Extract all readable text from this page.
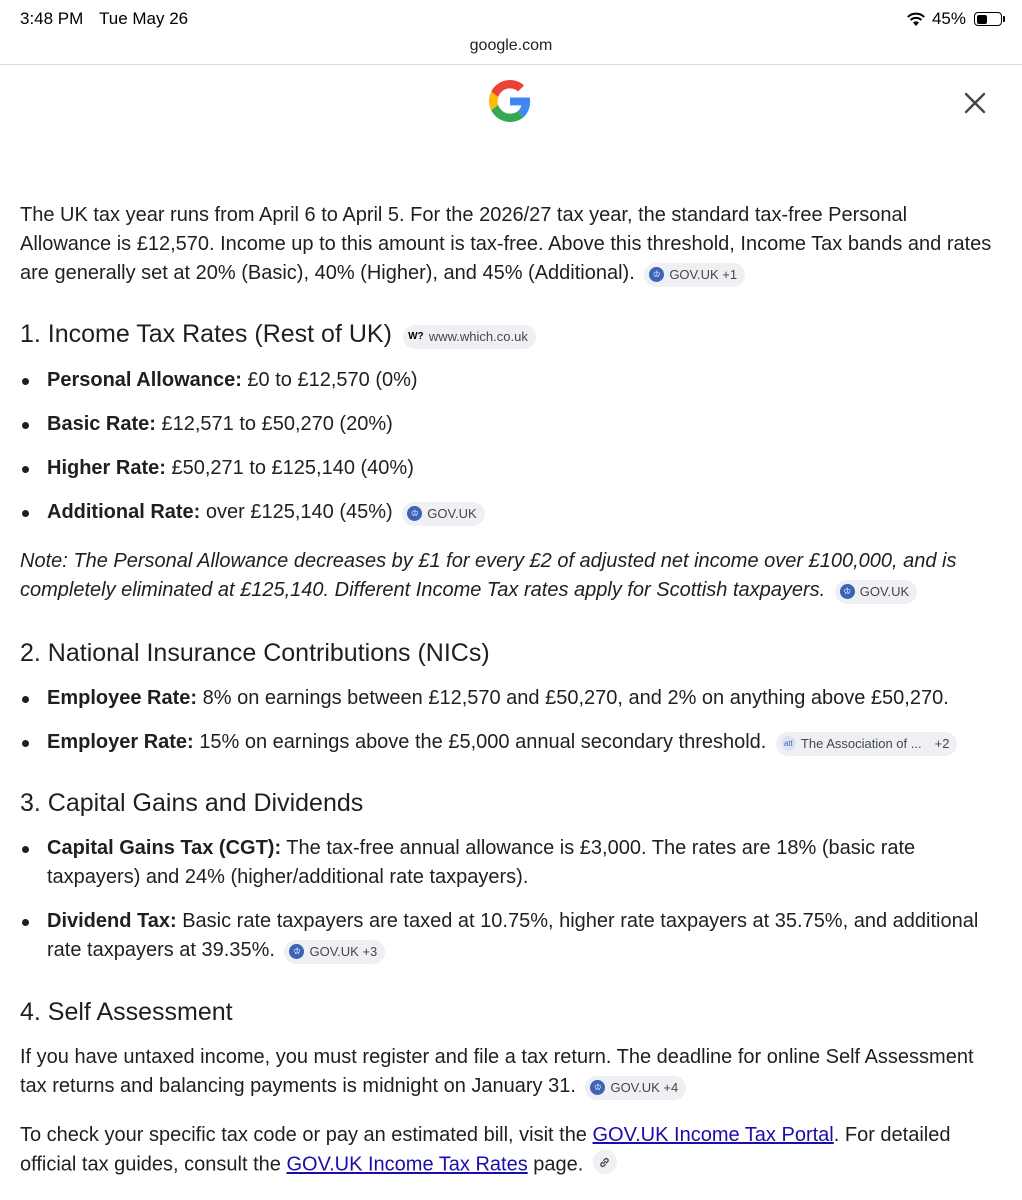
3:48 PM Tue May 26	45%
google.com

The UK tax year runs from April 6 to April 5. For the 2026/27 tax year, the standard tax-free Personal Allowance is £12,570. Income up to this amount is tax-free. Above this threshold, Income Tax bands and rates are generally set at 20% (Basic), 40% (Higher), and 45% (Additional).	♔ GOV.UK +1

1. Income Tax Rates (Rest of UK) W? www.which.co.uk
Personal Allowance: £0 to £12,570 (0%)
Basic Rate: £12,571 to £50,270 (20%)
Higher Rate: £50,271 to £125,140 (40%)
Additional Rate: over £125,140 (45%)	♔ GOV.UK

Note: The Personal Allowance decreases by £1 for every £2 of adjusted net income over £100,000, and is completely eliminated at £125,140. Different Income Tax rates apply for Scottish taxpayers.	♔ GOV.UK

2. National Insurance Contributions (NICs)
Employee Rate: 8% on earnings between £12,570 and £50,270, and 2% on anything above £50,270.
Employer Rate: 15% on earnings above the £5,000 annual secondary threshold.	att The Association of ... +2
3. Capital Gains and Dividends
Capital Gains Tax (CGT): The tax-free annual allowance is £3,000. The rates are 18% (basic rate taxpayers) and 24% (higher/additional rate taxpayers).
Dividend Tax: Basic rate taxpayers are taxed at 10.75%, higher rate taxpayers at 35.75%, and additional rate taxpayers at 39.35%.	♔ GOV.UK +3
4. Self Assessment

If you have untaxed income, you must register and file a tax return. The deadline for online Self Assessment tax returns and balancing payments is midnight on January 31.	♔ GOV.UK +4

To check your specific tax code or pay an estimated bill, visit the GOV.UK Income Tax Portal. For detailed official tax guides, consult the GOV.UK Income Tax Rates page.
